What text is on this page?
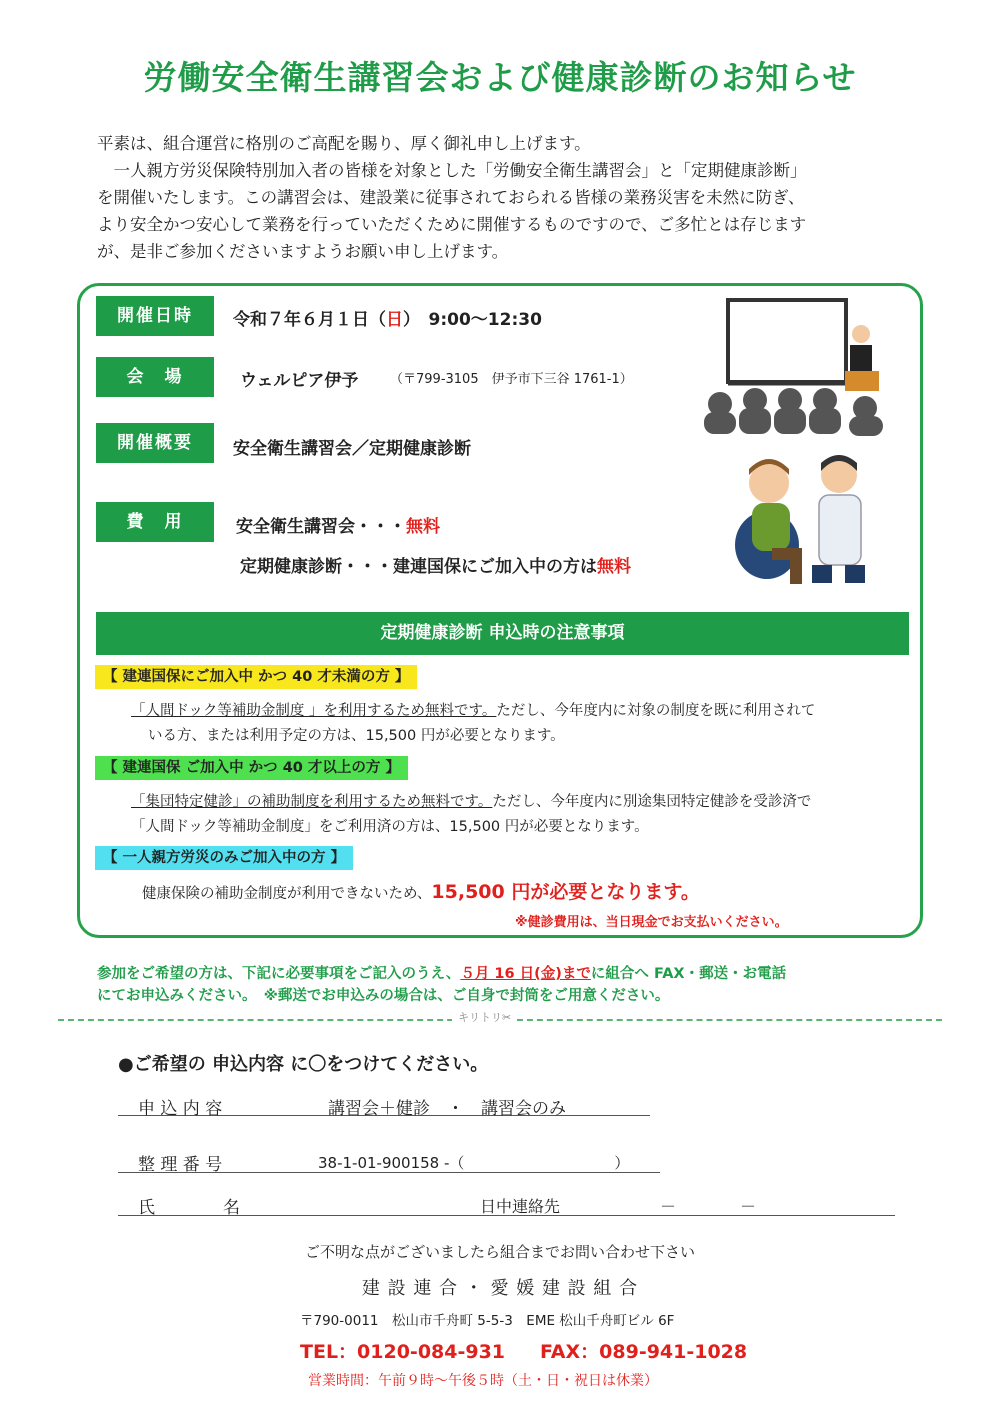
労働安全衛生講習会および健康診断のお知らせ

平素は、組合運営に格別のご高配を賜り、厚く御礼申し上げます。

　一人親方労災保険特別加入者の皆様を対象とした「労働安全衛生講習会」と「定期健康診断」

を開催いたします。この講習会は、建設業に従事されておられる皆様の業務災害を未然に防ぎ、

より安全かつ安心して業務を行っていただくために開催するものですので、ご多忙とは存じます

が、是非ご参加くださいますようお願い申し上げます。

開催日時	令和７年６月１日（日）　9:00～12:30
会　場	ウェルピア伊予 （〒799-3105　伊予市下三谷 1761-1）
開催概要	安全衛生講習会／定期健康診断
費　用	安全衛生講習会・・・無料
定期健康診断・・・建連国保にご加入中の方は無料
定期健康診断 申込時の注意事項
【 建連国保にご加入中 かつ 40 才未満の方 】
「人間ドック等補助金制度 」を利用するため無料です。ただし、今年度内に対象の制度を既に利用されて
いる方、または利用予定の方は、15,500 円が必要となります。
【 建連国保 ご加入中 かつ 40 才以上の方 】
「集団特定健診」の補助制度を利用するため無料です。ただし、今年度内に別途集団特定健診を受診済で
「人間ドック等補助金制度」をご利用済の方は、15,500 円が必要となります。
【 一人親方労災のみご加入中の方 】
健康保険の補助金制度が利用できないため、15,500 円が必要となります。
※健診費用は、当日現金でお支払いください。
参加をご希望の方は、下記に必要事項をご記入のうえ、５月 16 日(金)までに組合へ FAX・郵送・お電話
にてお申込みください。　※郵送でお申込みの場合は、ご自身で封筒をご用意ください。
キリトリ✂
●ご希望の 申込内容 に〇をつけてください。
申 込 内 容	講習会＋健診　・　講習会のみ
整 理 番 号	38-1-01-900158 -（　　　　　　　　　　）
氏　　　　名	日中連絡先	－　　　　－
ご不明な点がございましたら組合までお問い合わせ下さい
建 設 連 合 ・ 愛 媛 建 設 組 合
〒790-0011　松山市千舟町 5-5-3　EME 松山千舟町ビル 6F
TEL：0120-084-931 FAX：089-941-1028
営業時間：午前９時～午後５時（土・日・祝日は休業）
